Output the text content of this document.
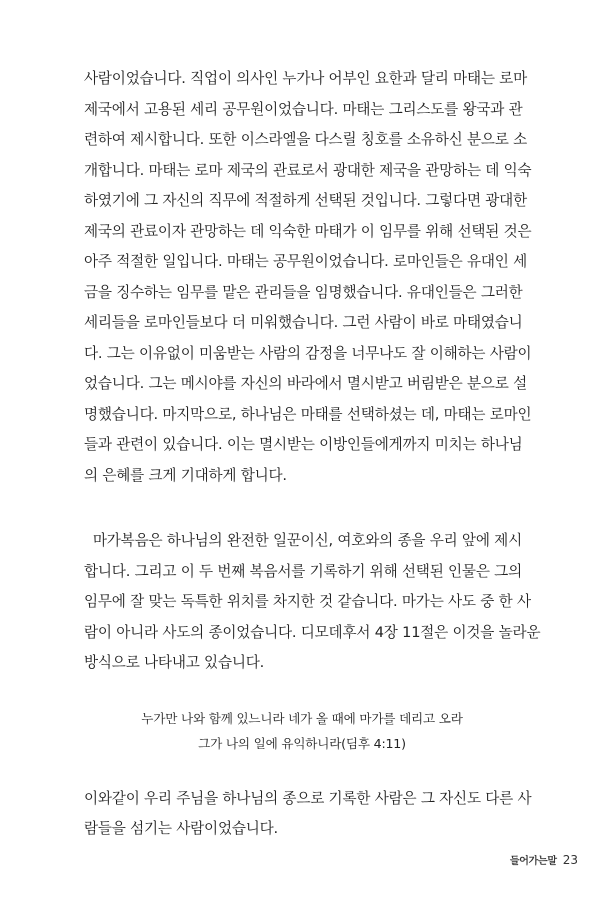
사람이었습니다. 직업이 의사인 누가나 어부인 요한과 달리 마태는 로마
제국에서 고용된 세리 공무원이었습니다. 마태는 그리스도를 왕국과 관
련하여 제시합니다. 또한 이스라엘을 다스릴 칭호를 소유하신 분으로 소
개합니다. 마태는 로마 제국의 관료로서 광대한 제국을 관망하는 데 익숙
하였기에 그 자신의 직무에 적절하게 선택된 것입니다. 그렇다면 광대한
제국의 관료이자 관망하는 데 익숙한 마태가 이 임무를 위해 선택된 것은
아주 적절한 일입니다. 마태는 공무원이었습니다. 로마인들은 유대인 세
금을 징수하는 임무를 맡은 관리들을 임명했습니다. 유대인들은 그러한
세리들을 로마인들보다 더 미워했습니다. 그런 사람이 바로 마태였습니
다. 그는 이유없이 미움받는 사람의 감정을 너무나도 잘 이해하는 사람이
었습니다. 그는 메시야를 자신의 바라에서 멸시받고 버림받은 분으로 설
명했습니다. 마지막으로, 하나님은 마태를 선택하셨는 데, 마태는 로마인
들과 관련이 있습니다. 이는 멸시받는 이방인들에게까지 미치는 하나님
의 은혜를 크게 기대하게 합니다.

마가복음은 하나님의 완전한 일꾼이신, 여호와의 종을 우리 앞에 제시
합니다. 그리고 이 두 번째 복음서를 기록하기 위해 선택된 인물은 그의
임무에 잘 맞는 독특한 위치를 차지한 것 같습니다. 마가는 사도 중 한 사
람이 아니라 사도의 종이었습니다. 디모데후서 4장 11절은 이것을 놀라운
방식으로 나타내고 있습니다.

누가만 나와 함께 있느니라 네가 올 때에 마가를 데리고 오라
그가 나의 일에 유익하니라(딤후 4:11)

이와같이 우리 주님을 하나님의 종으로 기록한 사람은 그 자신도 다른 사
람들을 섬기는 사람이었습니다.

들어가는말 23
